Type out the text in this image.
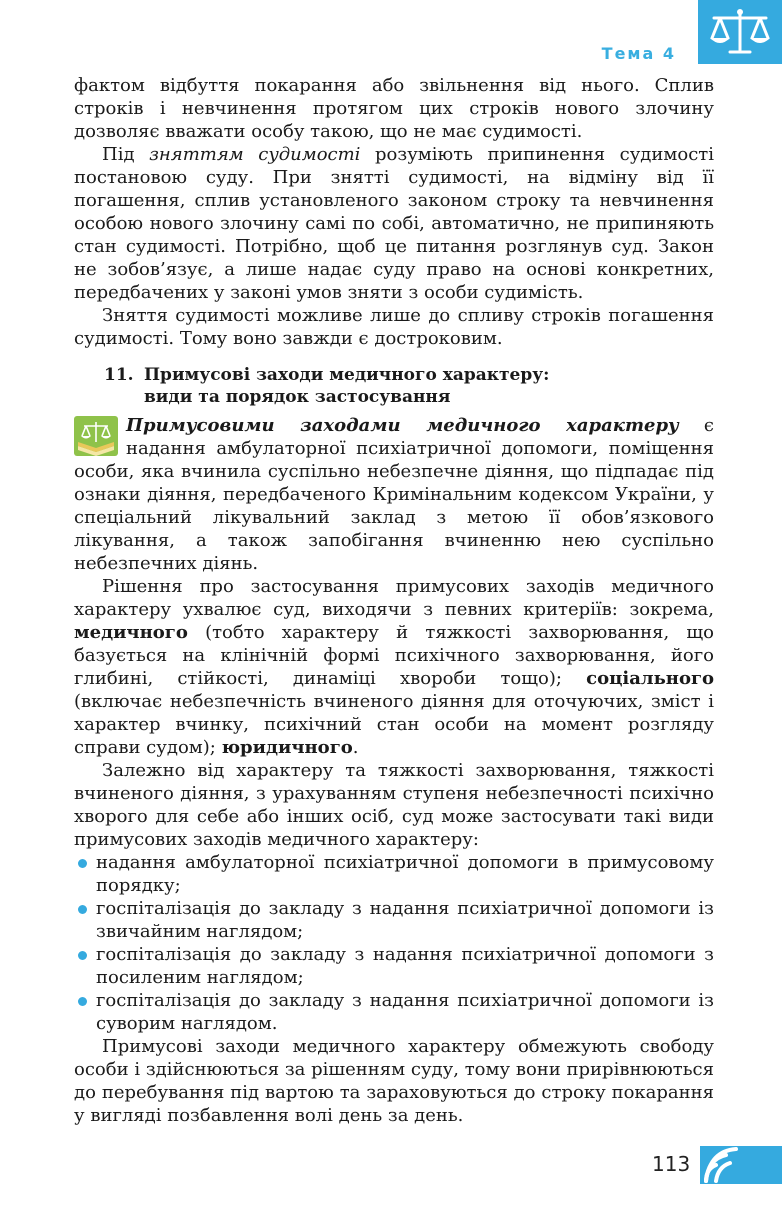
Тема 4

фактом відбуття покарання або звільнення від нього. Сплив строків і невчинення протягом цих строків нового злочину дозволяє вважати особу такою, що не має судимості.

Під зняттям судимості розуміють припинення судимості постановою суду. При знятті судимості, на відміну від її погашення, сплив установленого законом строку та невчинення особою нового злочину самі по собі, автоматично, не припиняють стан судимості. Потрібно, щоб це питання розглянув суд. Закон не зобов’язує, а лише надає суду право на основі конкретних, передбачених у законі умов зняти з особи судимість.

Зняття судимості можливе лише до спливу строків погашення судимості. Тому воно завжди є достроковим.

11. Примусові заходи медичного характеру:
види та порядок застосування

Примусовими заходами медичного характеру є надання амбулаторної психіатричної допомоги, поміщення особи, яка вчинила суспільно небезпечне діяння, що підпадає під ознаки діяння, передбаченого Кримінальним кодексом України, у спеціальний лікувальний заклад з метою її обов’язкового лікування, а також запобігання вчиненню нею суспільно небезпечних діянь.

Рішення про застосування примусових заходів медичного характеру ухвалює суд, виходячи з певних критеріїв: зокрема, медичного (тобто характеру й тяжкості захворювання, що базується на клінічній формі психічного захворювання, його глибині, стійкості, динаміці хвороби тощо); соціального (включає небезпечність вчиненого діяння для оточуючих, зміст і характер вчинку, психічний стан особи на момент розгляду справи судом); юридичного.

Залежно від характеру та тяжкості захворювання, тяжкості вчиненого діяння, з урахуванням ступеня небезпечності психічно хворого для себе або інших осіб, суд може застосувати такі види примусових заходів медичного характеру:

надання амбулаторної психіатричної допомоги в примусовому порядку;
госпіталізація до закладу з надання психіатричної допомоги із звичайним наглядом;
госпіталізація до закладу з надання психіатричної допомоги з посиленим наглядом;
госпіталізація до закладу з надання психіатричної допомоги із суворим наглядом.

Примусові заходи медичного характеру обмежують свободу особи і здійснюються за рішенням суду, тому вони прирівнюються до перебування під вартою та зараховуються до строку покарання у вигляді позбавлення волі день за день.

113
